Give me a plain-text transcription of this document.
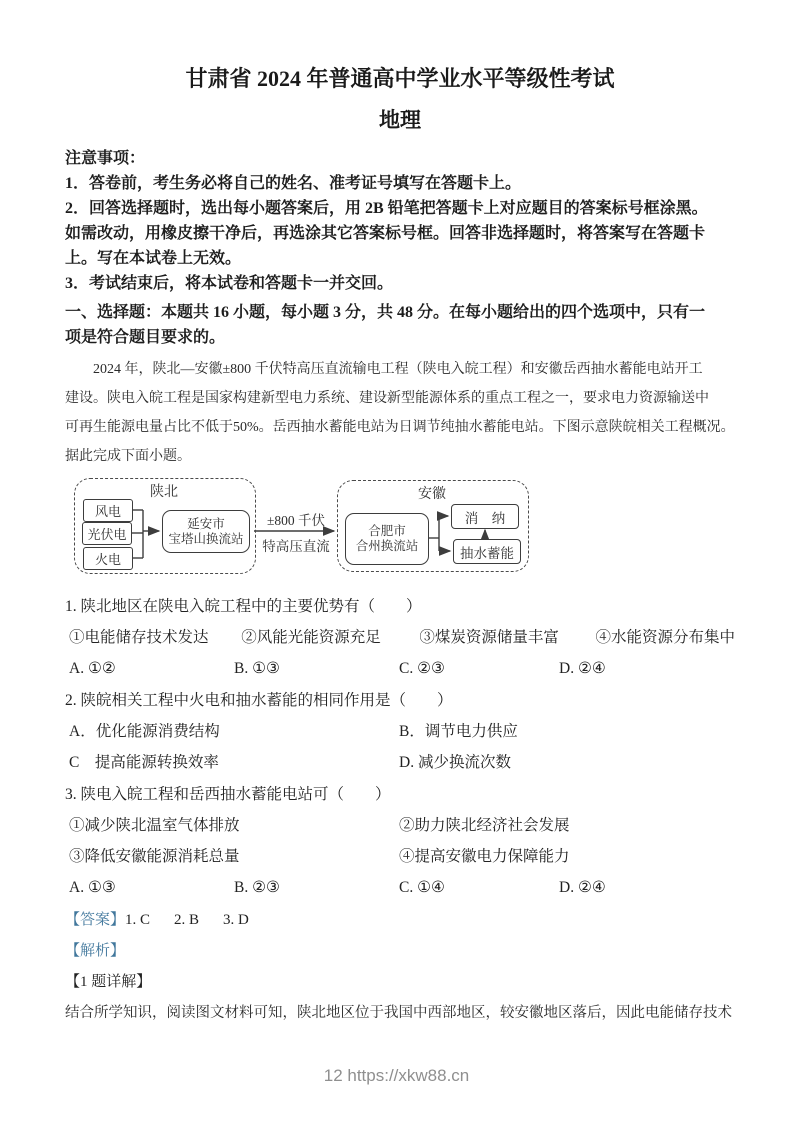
甘肃省 2024 年普通高中学业水平等级性考试
地理
注意事项：
1．答卷前，考生务必将自己的姓名、准考证号填写在答题卡上。
2．回答选择题时，选出每小题答案后，用 2B 铅笔把答题卡上对应题目的答案标号框涂黑。
如需改动，用橡皮擦干净后，再选涂其它答案标号框。回答非选择题时，将答案写在答题卡
上。写在本试卷上无效。
3．考试结束后，将本试卷和答题卡一并交回。
一、选择题：本题共 16 小题，每小题 3 分，共 48 分。在每小题给出的四个选项中，只有一
项是符合题目要求的。
2024 年，陕北—安徽±800 千伏特高压直流输电工程（陕电入皖工程）和安徽岳西抽水蓄能电站开工
建设。陕电入皖工程是国家构建新型电力系统、建设新型能源体系的重点工程之一，要求电力资源输送中
可再生能源电量占比不低于50%。岳西抽水蓄能电站为日调节纯抽水蓄能电站。下图示意陕皖相关工程概况。
据此完成下面小题。
陕北
风电
光伏电
火电
延安市
宝塔山换流站
±800 千伏
特高压直流
安徽
合肥市
合州换流站
消　纳
抽水蓄能
1. 陕北地区在陕电入皖工程中的主要优势有（　　）
①电能储存技术发达	②风能光能资源充足	③煤炭资源储量丰富	④水能资源分布集中
A. ①②	B. ①③	C. ②③	D. ②④
2. 陕皖相关工程中火电和抽水蓄能的相同作用是（　　）
A．优化能源消费结构	B．调节电力供应
C　提高能源转换效率	D. 减少换流次数
3. 陕电入皖工程和岳西抽水蓄能电站可（　　）
①减少陕北温室气体排放	②助力陕北经济社会发展
③降低安徽能源消耗总量	④提高安徽电力保障能力
A. ①③	B. ②③	C. ①④	D. ②④
【答案】 1. C 2. B 3. D
【解析】
【1 题详解】
结合所学知识，阅读图文材料可知，陕北地区位于我国中西部地区，较安徽地区落后，因此电能储存技术
12 https://xkw88.cn
